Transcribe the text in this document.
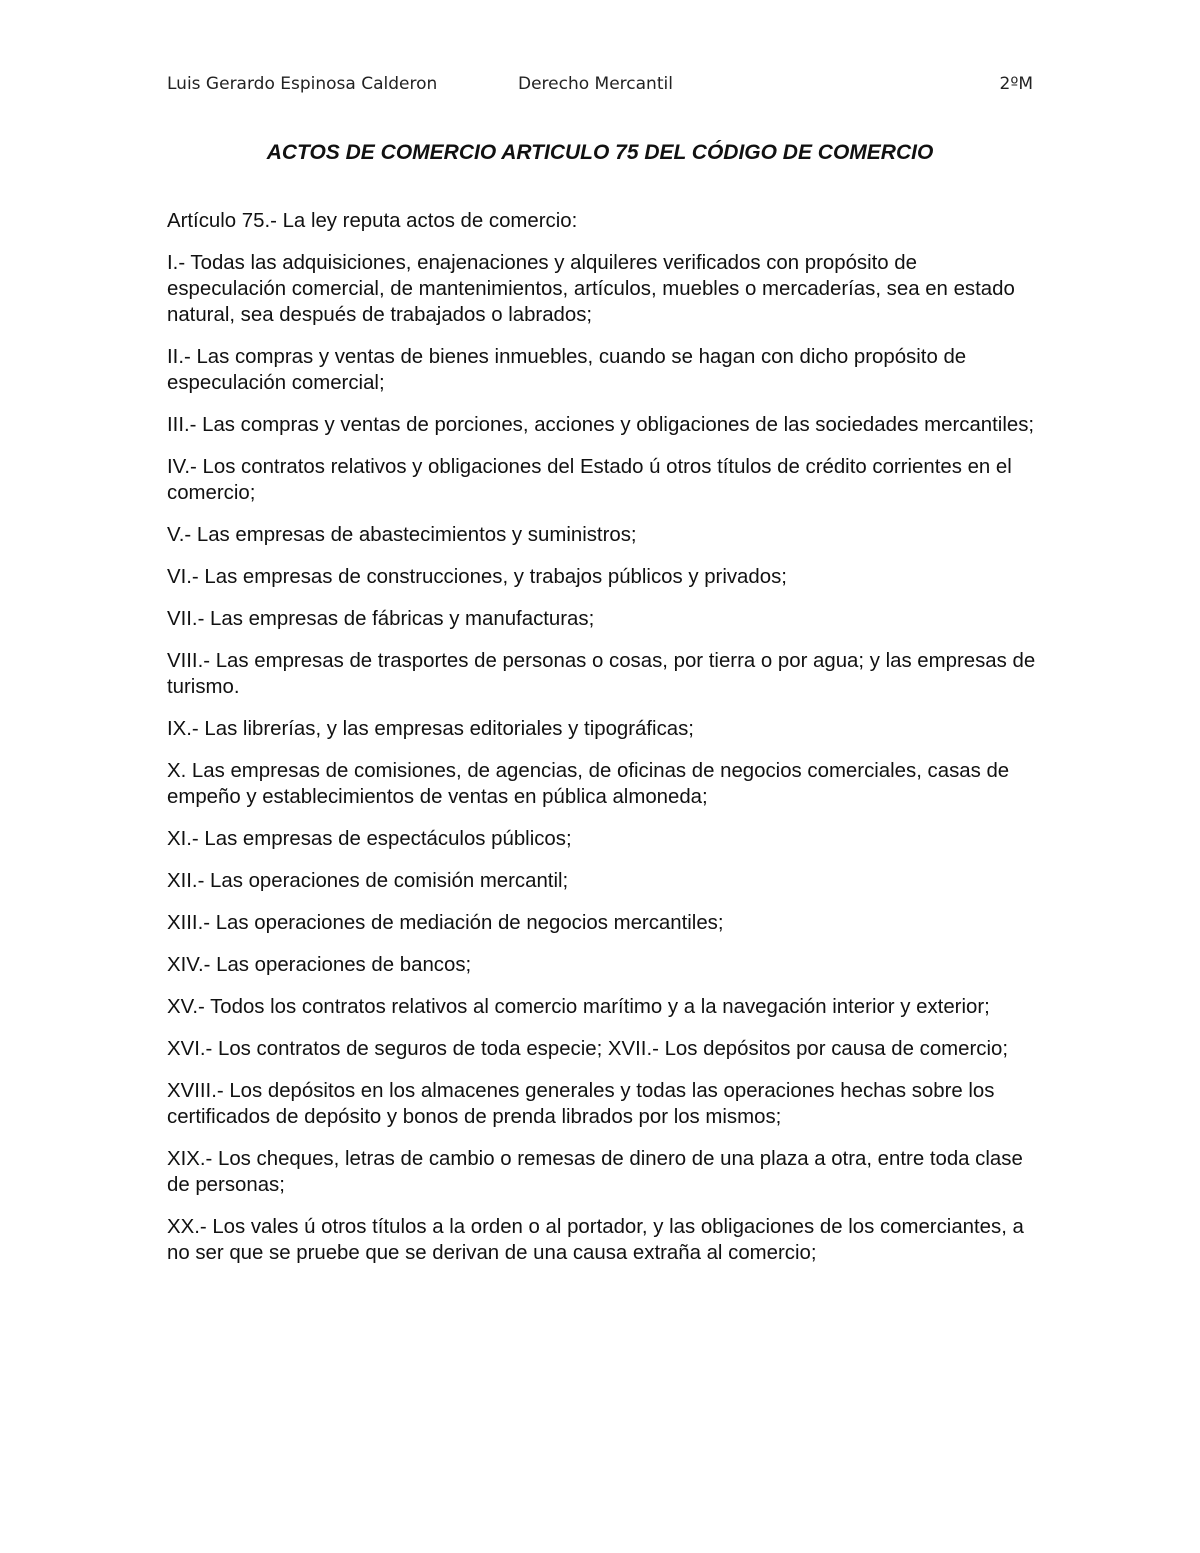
Luis Gerardo Espinosa Calderon	Derecho Mercantil	2ºM
ACTOS DE COMERCIO ARTICULO 75 DEL CÓDIGO DE COMERCIO

Artículo 75.- La ley reputa actos de comercio:

I.- Todas las adquisiciones, enajenaciones y alquileres verificados con propósito de especulación comercial, de mantenimientos, artículos, muebles o mercaderías, sea en estado natural, sea después de trabajados o labrados;

II.- Las compras y ventas de bienes inmuebles, cuando se hagan con dicho propósito de especulación comercial;

III.- Las compras y ventas de porciones, acciones y obligaciones de las sociedades mercantiles;

IV.- Los contratos relativos y obligaciones del Estado ú otros títulos de crédito corrientes en el comercio;

V.- Las empresas de abastecimientos y suministros;

VI.- Las empresas de construcciones, y trabajos públicos y privados;

VII.- Las empresas de fábricas y manufacturas;

VIII.- Las empresas de trasportes de personas o cosas, por tierra o por agua; y las empresas de turismo.

IX.- Las librerías, y las empresas editoriales y tipográficas;

X. Las empresas de comisiones, de agencias, de oficinas de negocios comerciales, casas de empeño y establecimientos de ventas en pública almoneda;

XI.- Las empresas de espectáculos públicos;

XII.- Las operaciones de comisión mercantil;

XIII.- Las operaciones de mediación de negocios mercantiles;

XIV.- Las operaciones de bancos;

XV.- Todos los contratos relativos al comercio marítimo y a la navegación interior y exterior;

XVI.- Los contratos de seguros de toda especie; XVII.- Los depósitos por causa de comercio;

XVIII.- Los depósitos en los almacenes generales y todas las operaciones hechas sobre los certificados de depósito y bonos de prenda librados por los mismos;

XIX.- Los cheques, letras de cambio o remesas de dinero de una plaza a otra, entre toda clase de personas;

XX.- Los vales ú otros títulos a la orden o al portador, y las obligaciones de los comerciantes, a no ser que se pruebe que se derivan de una causa extraña al comercio;
